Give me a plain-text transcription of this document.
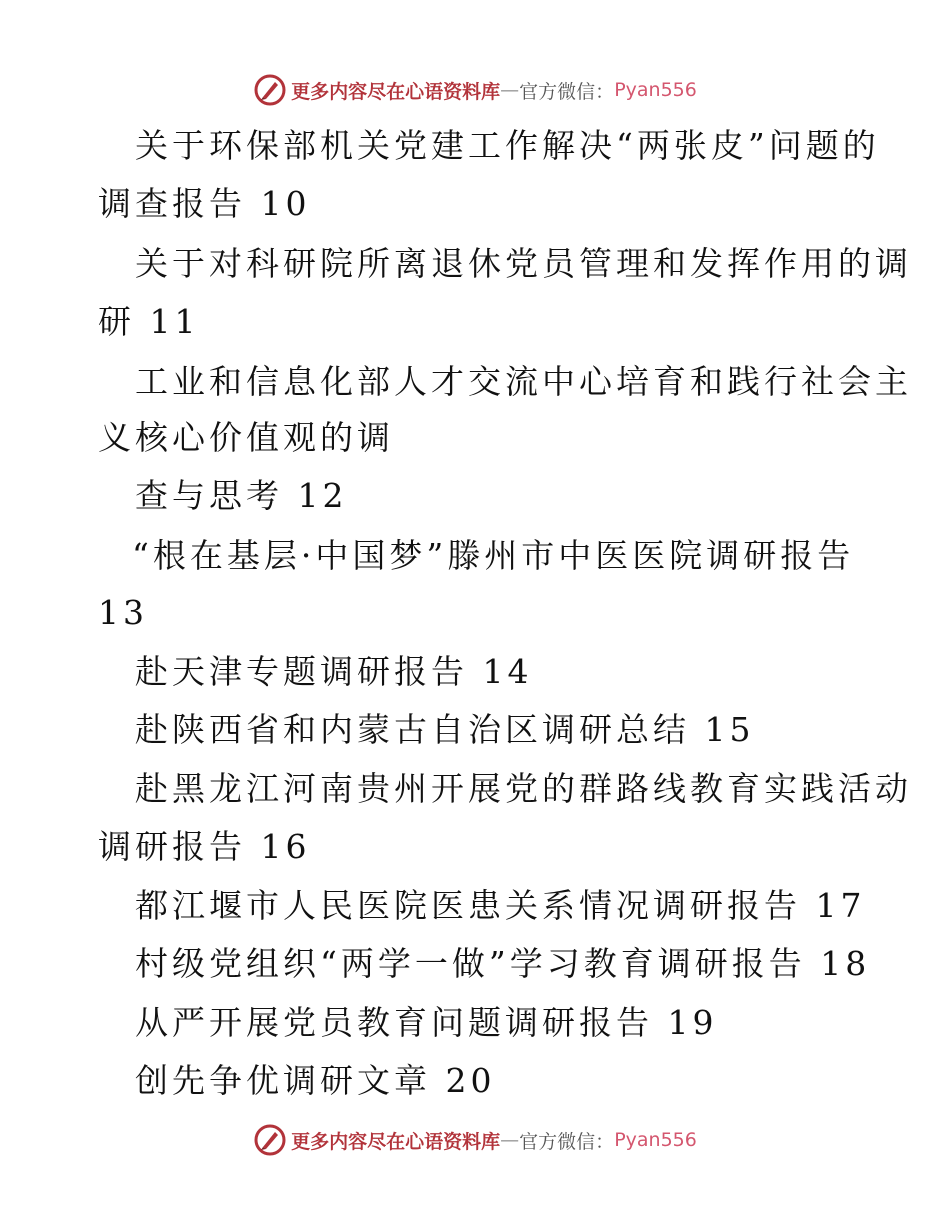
更多内容尽在心语资料库 — 官方微信： Pyan556
关于环保部机关党建工作解决“两张皮”问题的
调查报告 10
关于对科研院所离退休党员管理和发挥作用的调
研 11
工业和信息化部人才交流中心培育和践行社会主
义核心价值观的调
查与思考 12
“根在基层·中国梦”滕州市中医医院调研报告
13
赴天津专题调研报告 14
赴陕西省和内蒙古自治区调研总结 15
赴黑龙江河南贵州开展党的群路线教育实践活动
调研报告 16
都江堰市人民医院医患关系情况调研报告 17
村级党组织“两学一做”学习教育调研报告 18
从严开展党员教育问题调研报告 19
创先争优调研文章 20
更多内容尽在心语资料库 — 官方微信： Pyan556
